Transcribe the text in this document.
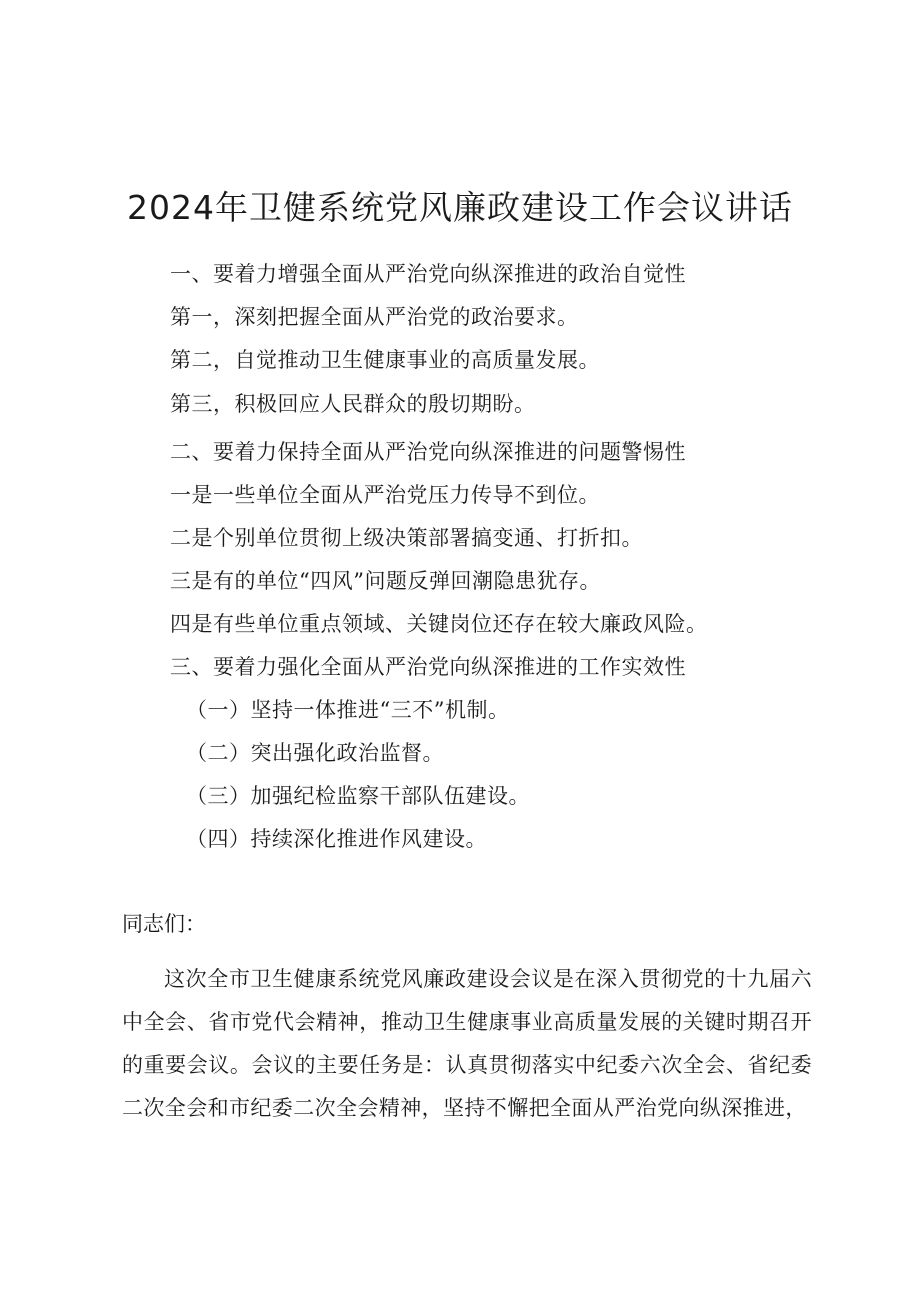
2024年卫健系统党风廉政建设工作会议讲话
一、要着力增强全面从严治党向纵深推进的政治自觉性
第一，深刻把握全面从严治党的政治要求。
第二，自觉推动卫生健康事业的高质量发展。
第三，积极回应人民群众的殷切期盼。
二、要着力保持全面从严治党向纵深推进的问题警惕性
一是一些单位全面从严治党压力传导不到位。
二是个别单位贯彻上级决策部署搞变通、打折扣。
三是有的单位“四风”问题反弹回潮隐患犹存。
四是有些单位重点领域、关键岗位还存在较大廉政风险。
三、要着力强化全面从严治党向纵深推进的工作实效性
（一）坚持一体推进“三不”机制。
（二）突出强化政治监督。
（三）加强纪检监察干部队伍建设。
（四）持续深化推进作风建设。

同志们：

这次全市卫生健康系统党风廉政建设会议是在深入贯彻党的十九届六中全会、省市党代会精神，推动卫生健康事业高质量发展的关键时期召开的重要会议。会议的主要任务是：认真贯彻落实中纪委六次全会、省纪委二次全会和市纪委二次全会精神，坚持不懈把全面从严治党向纵深推进，
